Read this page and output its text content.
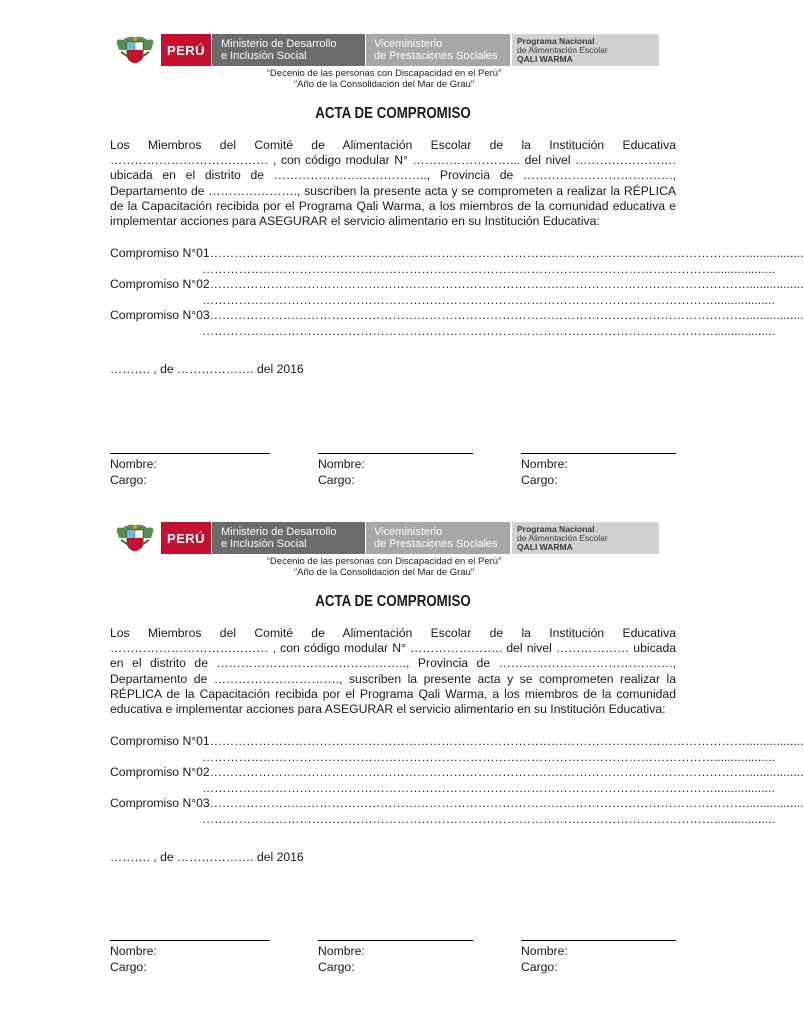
PERÚ	Ministerio de Desarrollo
e Inclusión Social
Viceministerio
de Prestaciones Sociales
Programa Nacional
de Alimentación Escolar
QALI WARMA
“Decenio de las personas con Discapacidad en el Perú”
“Año de la Consolidación del Mar de Grau”
ACTA DE COMPROMISO
Los Miembros del Comité de Alimentación Escolar de la Institución Educativa ………………………………… , con código modular N° ……………………... del nivel ……………………. ubicada en el distrito de ……………………………….., Provincia de ………………………………., Departamento de …………………., suscriben la presente acta y se comprometen a realizar la RÉPLICA de la Capacitación recibida por el Programa Qali Warma, a los miembros de la comunidad educativa e implementar acciones para ASEGURAR el servicio alimentario en su Institución Educativa:
Compromiso N°01…………………………………………………………………………………………………………………….................
………………………………………………………………………………………………………………..................
Compromiso N°02…………………………………………………………………………………………………………………….................
………………………………………………………………………………………………………………..................
Compromiso N°03…………………………………………………………………………………………………………………….................
………………………………………………………………………………………………………………..................
………. , de ………………. del 2016
Nombre:
Cargo:
Nombre:
Cargo:
Nombre:
Cargo:
PERÚ	Ministerio de Desarrollo
e Inclusión Social
Viceministerio
de Prestaciones Sociales
Programa Nacional
de Alimentación Escolar
QALI WARMA
“Decenio de las personas con Discapacidad en el Perú”
“Año de la Consolidación del Mar de Grau”
ACTA DE COMPROMISO
Los Miembros del Comité de Alimentación Escolar de la Institución Educativa ………………………………… , con código modular N° ………………….. del nivel ……………… ubicada en el distrito de ……………………………………….., Provincia de ……………………………………., Departamento de …………………………., suscriben la presente acta y se comprometen realizar la RÉPLICA de la Capacitación recibida por el Programa Qali Warma, a los miembros de la comunidad educativa e implementar acciones para ASEGURAR el servicio alimentario en su Institución Educativa:
Compromiso N°01…………………………………………………………………………………………………………………….................
………………………………………………………………………………………………………………..................
Compromiso N°02…………………………………………………………………………………………………………………….................
………………………………………………………………………………………………………………..................
Compromiso N°03…………………………………………………………………………………………………………………….................
………………………………………………………………………………………………………………..................
………. , de ………………. del 2016
Nombre:
Cargo:
Nombre:
Cargo:
Nombre:
Cargo:
